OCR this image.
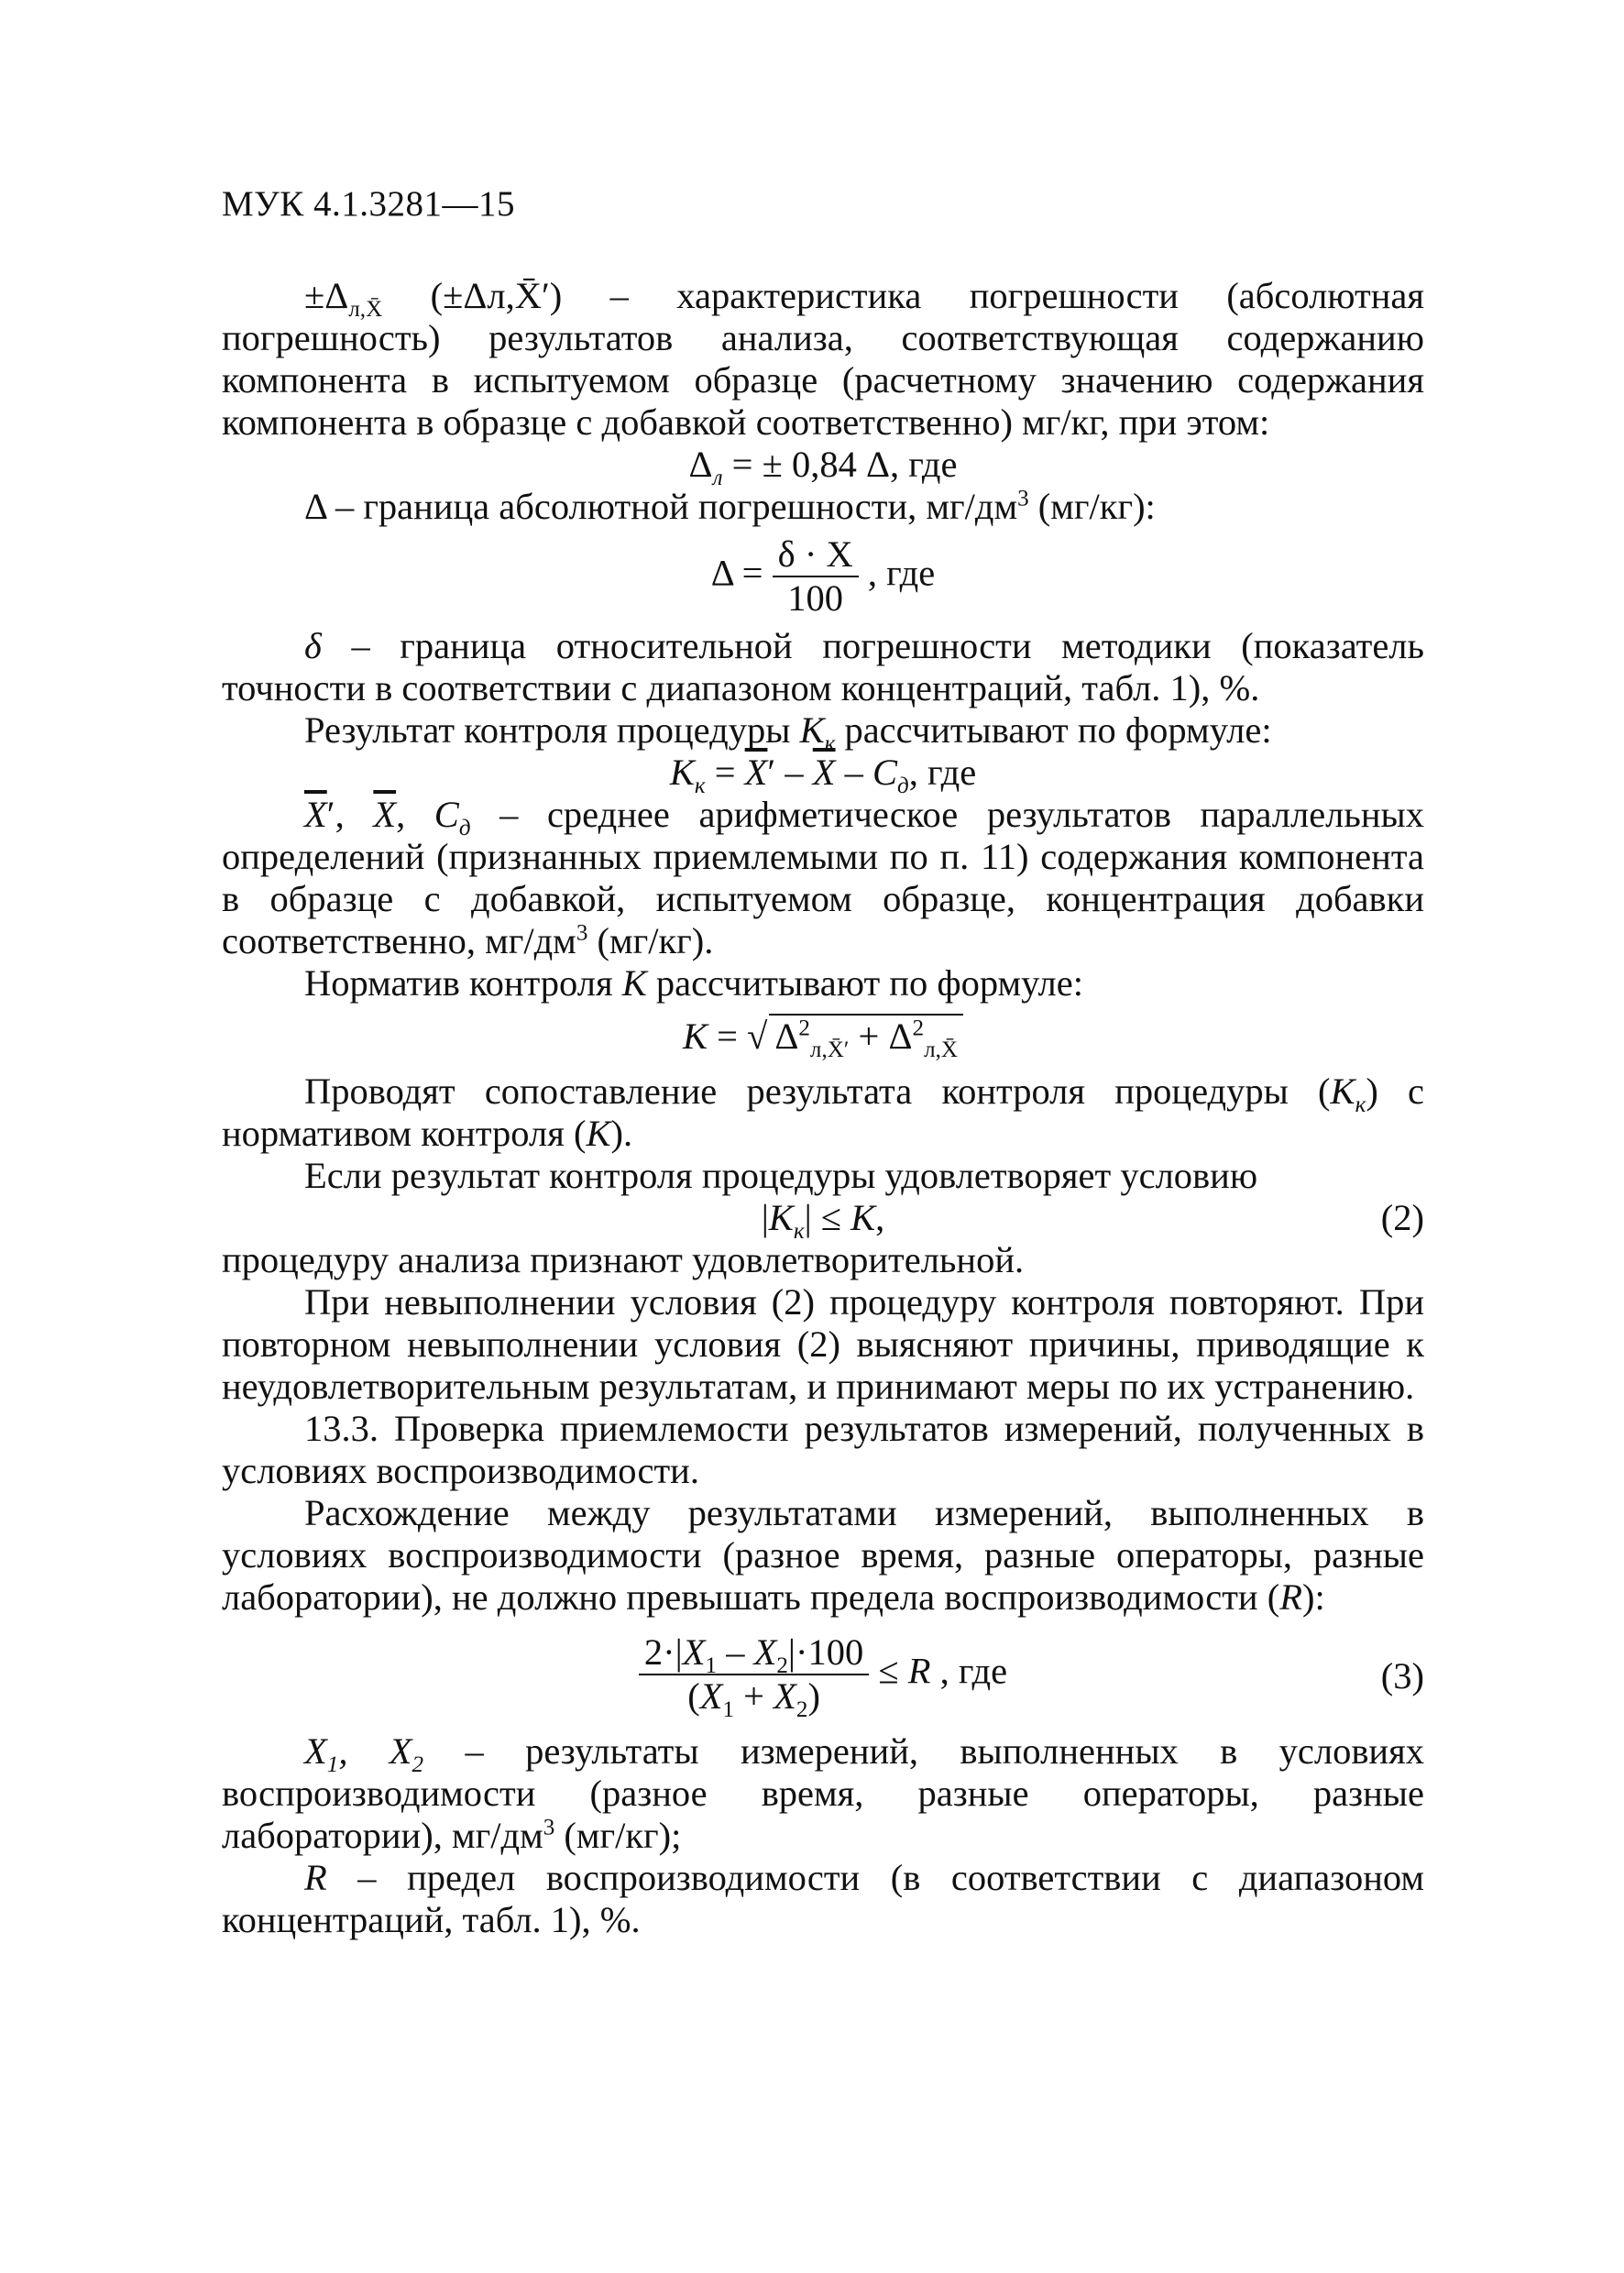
МУК 4.1.3281—15

$\pm\Delta_{л,X̄}$ (±Δл,X̄′) – характеристика погрешности (абсолютная погрешность) результатов анализа, соответствующая содержанию компонента в испытуемом образце (расчетному значению содержания компонента в образце с добавкой соответственно) мг/кг, при этом:

$\Delta_л$ = ± 0,84 Δ, где

Δ – граница абсолютной погрешности, $мг/дм^3$ (мг/кг):

$\Delta = \frac{\delta \cdot X}{100}$ , где

δ – граница относительной погрешности методики (показатель точности в соответствии с диапазоном концентраций, табл. 1), %.

Результат контроля процедуры $K_к$ рассчитывают по формуле:

$K_к = \overline{X}' - \overline{X} - C_д$, где

$\overline{X}'$, $\overline{X}$, $C_д$ – среднее арифметическое результатов параллельных определений (признанных приемлемыми по п. 11) содержания компонента в образце с добавкой, испытуемом образце, концентрация добавки соответственно, $мг/дм^3$ (мг/кг).

Норматив контроля K рассчитывают по формуле:

K = √ $\Delta^2_{л,X̄'} + \Delta^2_{л,X̄}$

Проводят сопоставление результата контроля процедуры $(K_к)$ с нормативом контроля (K).

Если результат контроля процедуры удовлетворяет условию

$|K_к| \le K$,	(2)

процедуру анализа признают удовлетворительной.

При невыполнении условия (2) процедуру контроля повторяют. При повторном невыполнении условия (2) выясняют причины, приводящие к неудовлетворительным результатам, и принимают меры по их устранению.

13.3. Проверка приемлемости результатов измерений, полученных в условиях воспроизводимости.

Расхождение между результатами измерений, выполненных в условиях воспроизводимости (разное время, разные операторы, разные лаборатории), не должно превышать предела воспроизводимости (R):

$\frac{2\cdot|X_1 - X_2|\cdot 100}{(X_1 + X_2)} \le R$ , где	(3)

$X_1$, $X_2$ – результаты измерений, выполненных в условиях воспроизводимости (разное время, разные операторы, разные лаборатории), $мг/дм^3$ (мг/кг);

R – предел воспроизводимости (в соответствии с диапазоном концентраций, табл. 1), %.
